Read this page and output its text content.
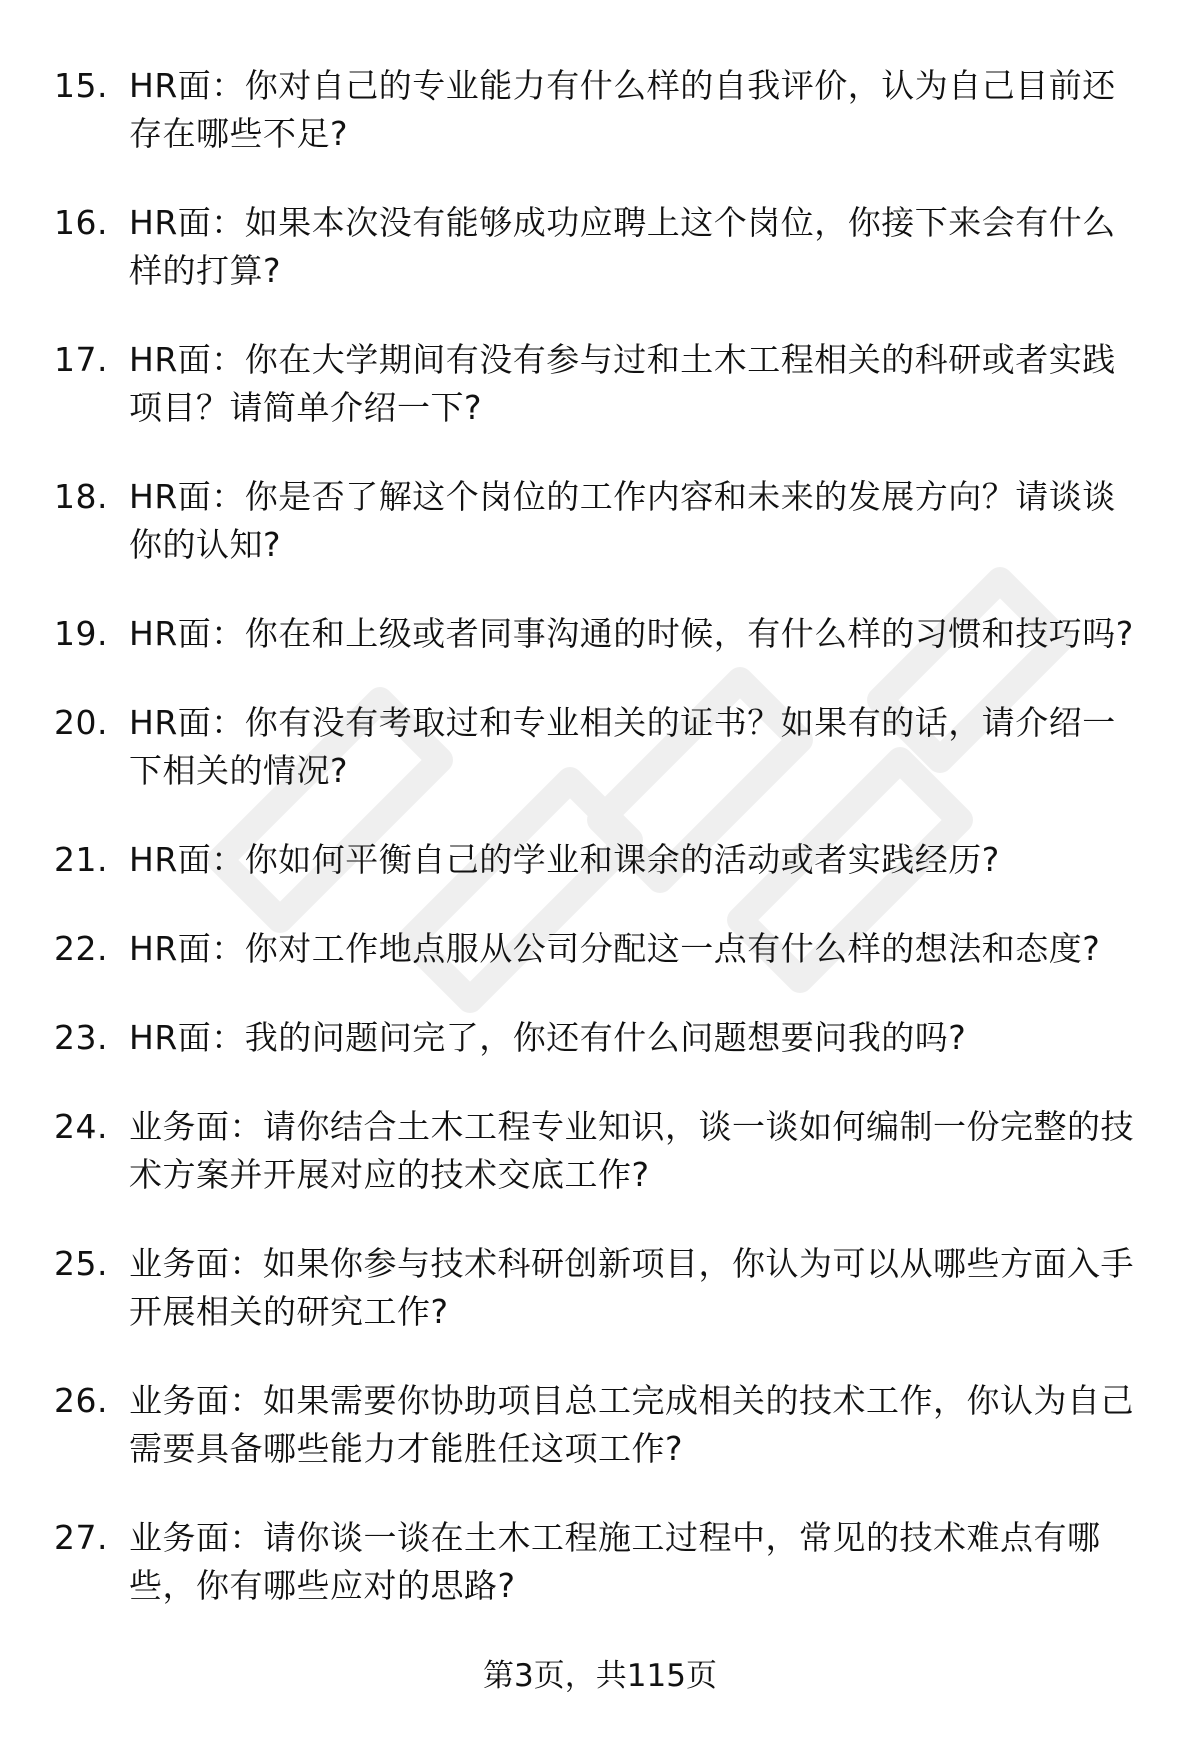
15. HR面：你对自己的专业能力有什么样的自我评价，认为自己目前还存在哪些不足?
16. HR面：如果本次没有能够成功应聘上这个岗位，你接下来会有什么样的打算?
17. HR面：你在大学期间有没有参与过和土木工程相关的科研或者实践项目？请简单介绍一下?
18. HR面：你是否了解这个岗位的工作内容和未来的发展方向？请谈谈你的认知?
19. HR面：你在和上级或者同事沟通的时候，有什么样的习惯和技巧吗?
20. HR面：你有没有考取过和专业相关的证书？如果有的话，请介绍一下相关的情况?
21. HR面：你如何平衡自己的学业和课余的活动或者实践经历?
22. HR面：你对工作地点服从公司分配这一点有什么样的想法和态度?
23. HR面：我的问题问完了，你还有什么问题想要问我的吗?
24. 业务面：请你结合土木工程专业知识，谈一谈如何编制一份完整的技术方案并开展对应的技术交底工作?
25. 业务面：如果你参与技术科研创新项目，你认为可以从哪些方面入手开展相关的研究工作?
26. 业务面：如果需要你协助项目总工完成相关的技术工作，你认为自己需要具备哪些能力才能胜任这项工作?
27. 业务面：请你谈一谈在土木工程施工过程中，常见的技术难点有哪些，你有哪些应对的思路?
第3页，共115页
